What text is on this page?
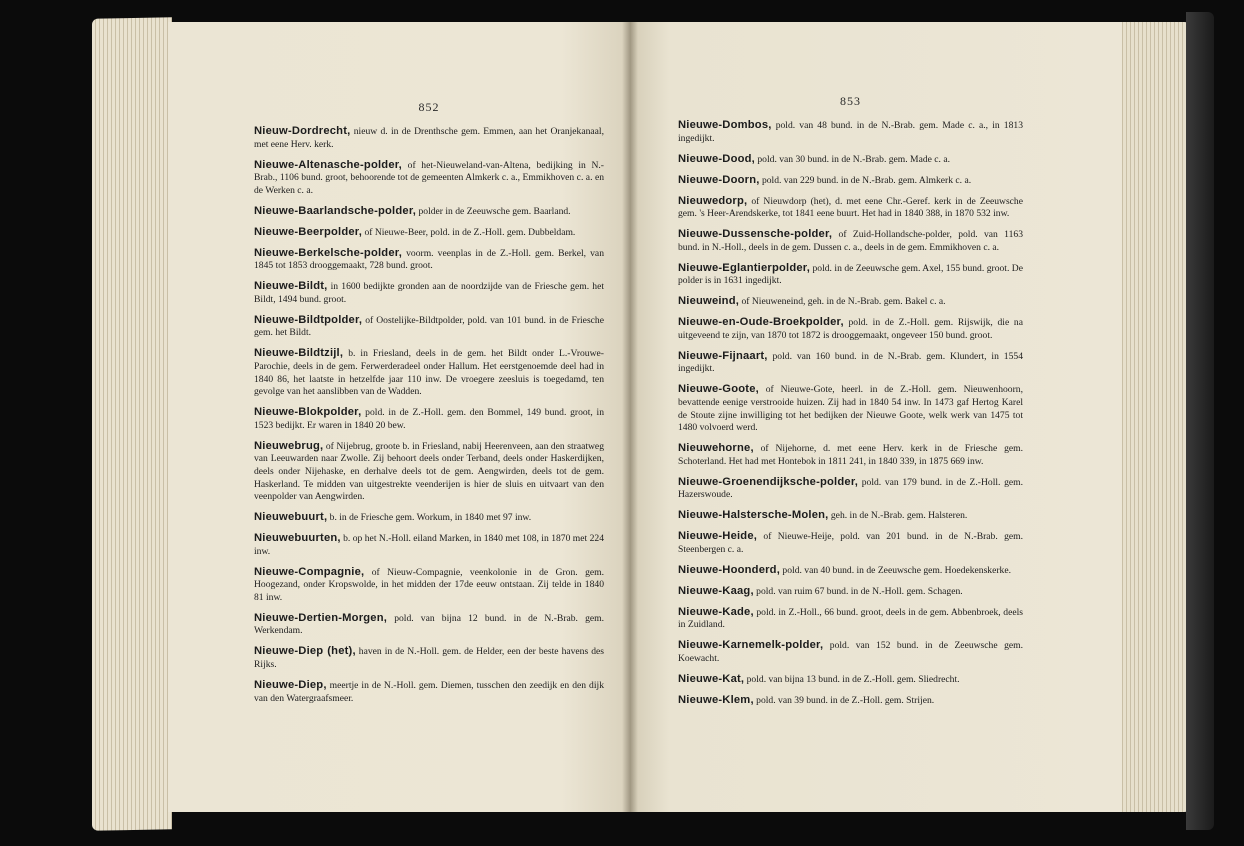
852

Nieuw-Dordrecht, nieuw d. in de Drenthsche gem. Emmen, aan het Oranjekanaal, met eene Herv. kerk.

Nieuwe-Altenasche-polder, of het-Nieuweland-van-Altena, bedijking in N.-Brab., 1106 bund. groot, behoorende tot de gemeenten Almkerk c. a., Emmikhoven c. a. en de Werken c. a.

Nieuwe-Baarlandsche-polder, polder in de Zeeuwsche gem. Baarland.

Nieuwe-Beerpolder, of Nieuwe-Beer, pold. in de Z.-Holl. gem. Dubbeldam.

Nieuwe-Berkelsche-polder, voorm. veenplas in de Z.-Holl. gem. Berkel, van 1845 tot 1853 drooggemaakt, 728 bund. groot.

Nieuwe-Bildt, in 1600 bedijkte gronden aan de noordzijde van de Friesche gem. het Bildt, 1494 bund. groot.

Nieuwe-Bildtpolder, of Oostelijke-Bildtpolder, pold. van 101 bund. in de Friesche gem. het Bildt.

Nieuwe-Bildtzijl, b. in Friesland, deels in de gem. het Bildt onder L.-Vrouwe-Parochie, deels in de gem. Ferwerderadeel onder Hallum. Het eerstgenoemde deel had in 1840 86, het laatste in hetzelfde jaar 110 inw. De vroegere zeesluis is toegedamd, ten gevolge van het aanslibben van de Wadden.

Nieuwe-Blokpolder, pold. in de Z.-Holl. gem. den Bommel, 149 bund. groot, in 1523 bedijkt. Er waren in 1840 20 bew.

Nieuwebrug, of Nijebrug, groote b. in Friesland, nabij Heerenveen, aan den straatweg van Leeuwarden naar Zwolle. Zij behoort deels onder Terband, deels onder Haskerdijken, deels onder Nijehaske, en derhalve deels tot de gem. Aengwirden, deels tot de gem. Haskerland. Te midden van uitgestrekte veenderijen is hier de sluis en uitvaart van den veenpolder van Aengwirden.

Nieuwebuurt, b. in de Friesche gem. Workum, in 1840 met 97 inw.

Nieuwebuurten, b. op het N.-Holl. eiland Marken, in 1840 met 108, in 1870 met 224 inw.

Nieuwe-Compagnie, of Nieuw-Compagnie, veenkolonie in de Gron. gem. Hoogezand, onder Kropswolde, in het midden der 17de eeuw ontstaan. Zij telde in 1840 81 inw.

Nieuwe-Dertien-Morgen, pold. van bijna 12 bund. in de N.-Brab. gem. Werkendam.

Nieuwe-Diep (het), haven in de N.-Holl. gem. de Helder, een der beste havens des Rijks.

Nieuwe-Diep, meertje in de N.-Holl. gem. Diemen, tusschen den zeedijk en den dijk van den Watergraafsmeer.

853

Nieuwe-Dombos, pold. van 48 bund. in de N.-Brab. gem. Made c. a., in 1813 ingedijkt.

Nieuwe-Dood, pold. van 30 bund. in de N.-Brab. gem. Made c. a.

Nieuwe-Doorn, pold. van 229 bund. in de N.-Brab. gem. Almkerk c. a.

Nieuwedorp, of Nieuwdorp (het), d. met eene Chr.-Geref. kerk in de Zeeuwsche gem. 's Heer-Arendskerke, tot 1841 eene buurt. Het had in 1840 388, in 1870 532 inw.

Nieuwe-Dussensche-polder, of Zuid-Hollandsche-polder, pold. van 1163 bund. in N.-Holl., deels in de gem. Dussen c. a., deels in de gem. Emmikhoven c. a.

Nieuwe-Eglantierpolder, pold. in de Zeeuwsche gem. Axel, 155 bund. groot. De polder is in 1631 ingedijkt.

Nieuweind, of Nieuweneind, geh. in de N.-Brab. gem. Bakel c. a.

Nieuwe-en-Oude-Broekpolder, pold. in de Z.-Holl. gem. Rijswijk, die na uitgeveend te zijn, van 1870 tot 1872 is drooggemaakt, ongeveer 150 bund. groot.

Nieuwe-Fijnaart, pold. van 160 bund. in de N.-Brab. gem. Klundert, in 1554 ingedijkt.

Nieuwe-Goote, of Nieuwe-Gote, heerl. in de Z.-Holl. gem. Nieuwenhoorn, bevattende eenige verstrooide huizen. Zij had in 1840 54 inw. In 1473 gaf Hertog Karel de Stoute zijne inwilliging tot het bedijken der Nieuwe Goote, welk werk van 1475 tot 1480 volvoerd werd.

Nieuwehorne, of Nijehorne, d. met eene Herv. kerk in de Friesche gem. Schoterland. Het had met Hontebok in 1811 241, in 1840 339, in 1875 669 inw.

Nieuwe-Groenendijksche-polder, pold. van 179 bund. in de Z.-Holl. gem. Hazerswoude.

Nieuwe-Halstersche-Molen, geh. in de N.-Brab. gem. Halsteren.

Nieuwe-Heide, of Nieuwe-Heije, pold. van 201 bund. in de N.-Brab. gem. Steenbergen c. a.

Nieuwe-Hoonderd, pold. van 40 bund. in de Zeeuwsche gem. Hoedekenskerke.

Nieuwe-Kaag, pold. van ruim 67 bund. in de N.-Holl. gem. Schagen.

Nieuwe-Kade, pold. in Z.-Holl., 66 bund. groot, deels in de gem. Abbenbroek, deels in Zuidland.

Nieuwe-Karnemelk-polder, pold. van 152 bund. in de Zeeuwsche gem. Koewacht.

Nieuwe-Kat, pold. van bijna 13 bund. in de Z.-Holl. gem. Sliedrecht.

Nieuwe-Klem, pold. van 39 bund. in de Z.-Holl. gem. Strijen.
